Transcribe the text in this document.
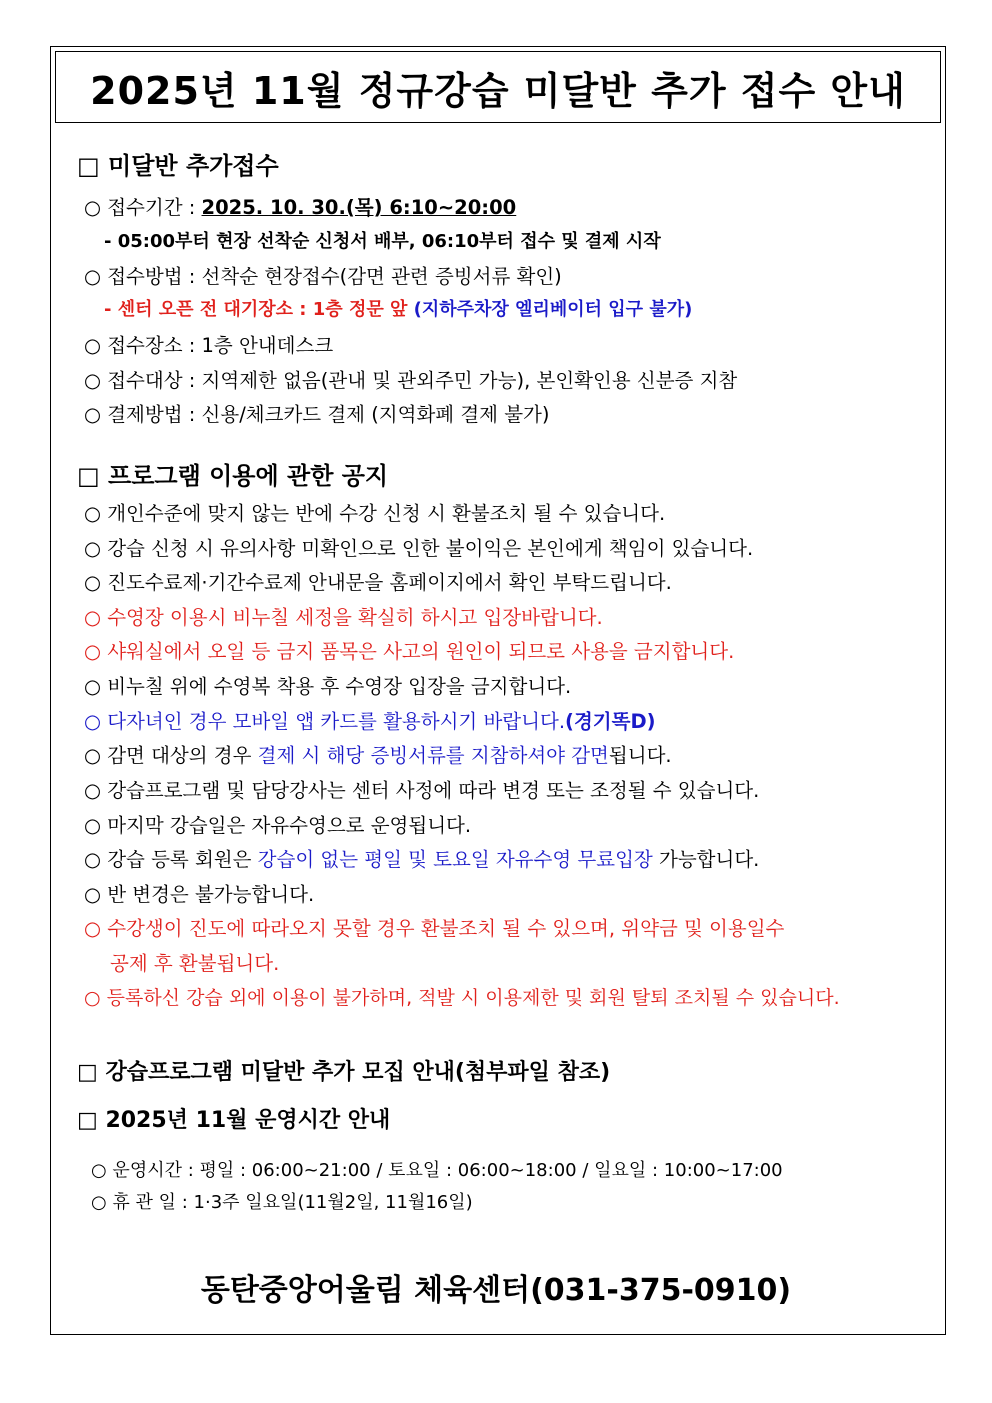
2025년 11월 정규강습 미달반 추가 접수 안내
□ 미달반 추가접수
○ 접수기간 : 2025. 10. 30.(목) 6:10~20:00
- 05:00부터 현장 선착순 신청서 배부, 06:10부터 접수 및 결제 시작
○ 접수방법 : 선착순 현장접수(감면 관련 증빙서류 확인)
- 센터 오픈 전 대기장소 : 1층 정문 앞 (지하주차장 엘리베이터 입구 불가)
○ 접수장소 : 1층 안내데스크
○ 접수대상 : 지역제한 없음(관내 및 관외주민 가능), 본인확인용 신분증 지참
○ 결제방법 : 신용/체크카드 결제 (지역화폐 결제 불가)
□ 프로그램 이용에 관한 공지
○ 개인수준에 맞지 않는 반에 수강 신청 시 환불조치 될 수 있습니다.
○ 강습 신청 시 유의사항 미확인으로 인한 불이익은 본인에게 책임이 있습니다.
○ 진도수료제·기간수료제 안내문을 홈페이지에서 확인 부탁드립니다.
○ 수영장 이용시 비누칠 세정을 확실히 하시고 입장바랍니다.
○ 샤워실에서 오일 등 금지 품목은 사고의 원인이 되므로 사용을 금지합니다.
○ 비누칠 위에 수영복 착용 후 수영장 입장을 금지합니다.
○ 다자녀인 경우 모바일 앱 카드를 활용하시기 바랍니다.(경기똑D)
○ 감면 대상의 경우 결제 시 해당 증빙서류를 지참하셔야 감면됩니다.
○ 강습프로그램 및 담당강사는 센터 사정에 따라 변경 또는 조정될 수 있습니다.
○ 마지막 강습일은 자유수영으로 운영됩니다.
○ 강습 등록 회원은 강습이 없는 평일 및 토요일 자유수영 무료입장 가능합니다.
○ 반 변경은 불가능합니다.
○ 수강생이 진도에 따라오지 못할 경우 환불조치 될 수 있으며, 위약금 및 이용일수
공제 후 환불됩니다.
○ 등록하신 강습 외에 이용이 불가하며, 적발 시 이용제한 및 회원 탈퇴 조치될 수 있습니다.
□ 강습프로그램 미달반 추가 모집 안내(첨부파일 참조)
□ 2025년 11월 운영시간 안내
○ 운영시간 : 평일 : 06:00~21:00 / 토요일 : 06:00~18:00 / 일요일 : 10:00~17:00
○ 휴 관 일 : 1·3주 일요일(11월2일, 11월16일)
동탄중앙어울림 체육센터(031-375-0910)
